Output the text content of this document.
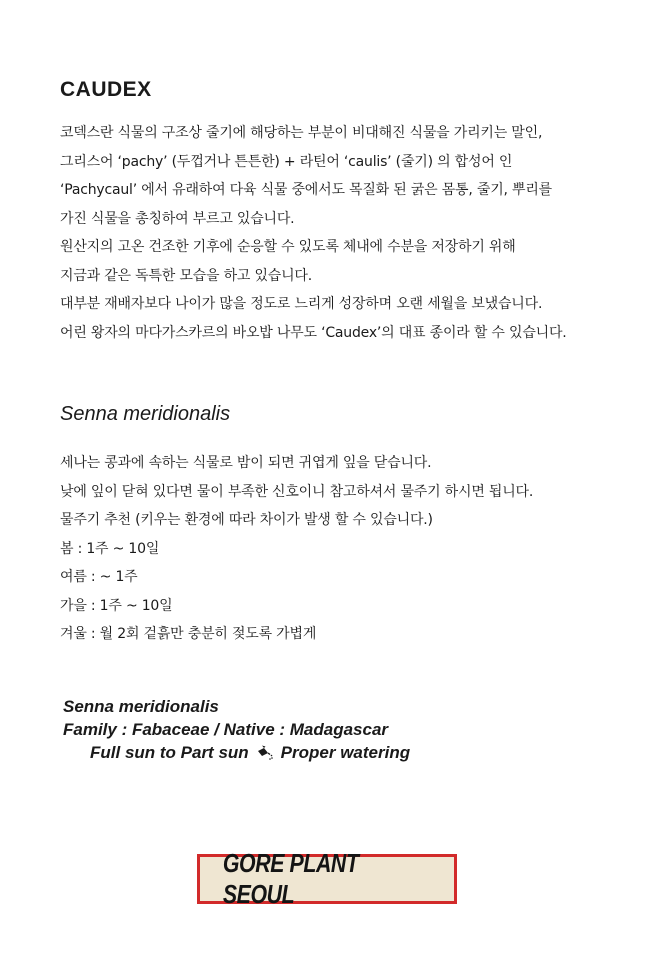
CAUDEX

코덱스란 식물의 구조상 줄기에 해당하는 부분이 비대해진 식물을 가리키는 말인,

그리스어 ‘pachy’ (두껍거나 튼튼한) + 라틴어 ‘caulis’ (줄기) 의 합성어 인

‘Pachycaul’ 에서 유래하여 다육 식물 중에서도 목질화 된 굵은 몸통, 줄기, 뿌리를

가진 식물을 총칭하여 부르고 있습니다.

원산지의 고온 건조한 기후에 순응할 수 있도록 체내에 수분을 저장하기 위해

지금과 같은 독특한 모습을 하고 있습니다.

대부분 재배자보다 나이가 많을 정도로 느리게 성장하며 오랜 세월을 보냈습니다.

어린 왕자의 마다가스카르의 바오밥 나무도 ‘Caudex’의 대표 종이라 할 수 있습니다.

Senna meridionalis

세나는 콩과에 속하는 식물로 밤이 되면 귀엽게 잎을 닫습니다.

낮에 잎이 닫혀 있다면 물이 부족한 신호이니 참고하셔서 물주기 하시면 됩니다.

물주기 추천 (키우는 환경에 따라 차이가 발생 할 수 있습니다.)

봄 : 1주 ~ 10일

여름 : ~ 1주

가을 : 1주 ~ 10일

겨울 : 월 2회 겉흙만 충분히 젖도록 가볍게

Senna meridionalis
Family : Fabaceae / Native : Madagascar
Full sun to Part sun Proper watering
GORE PLANT SEOUL
